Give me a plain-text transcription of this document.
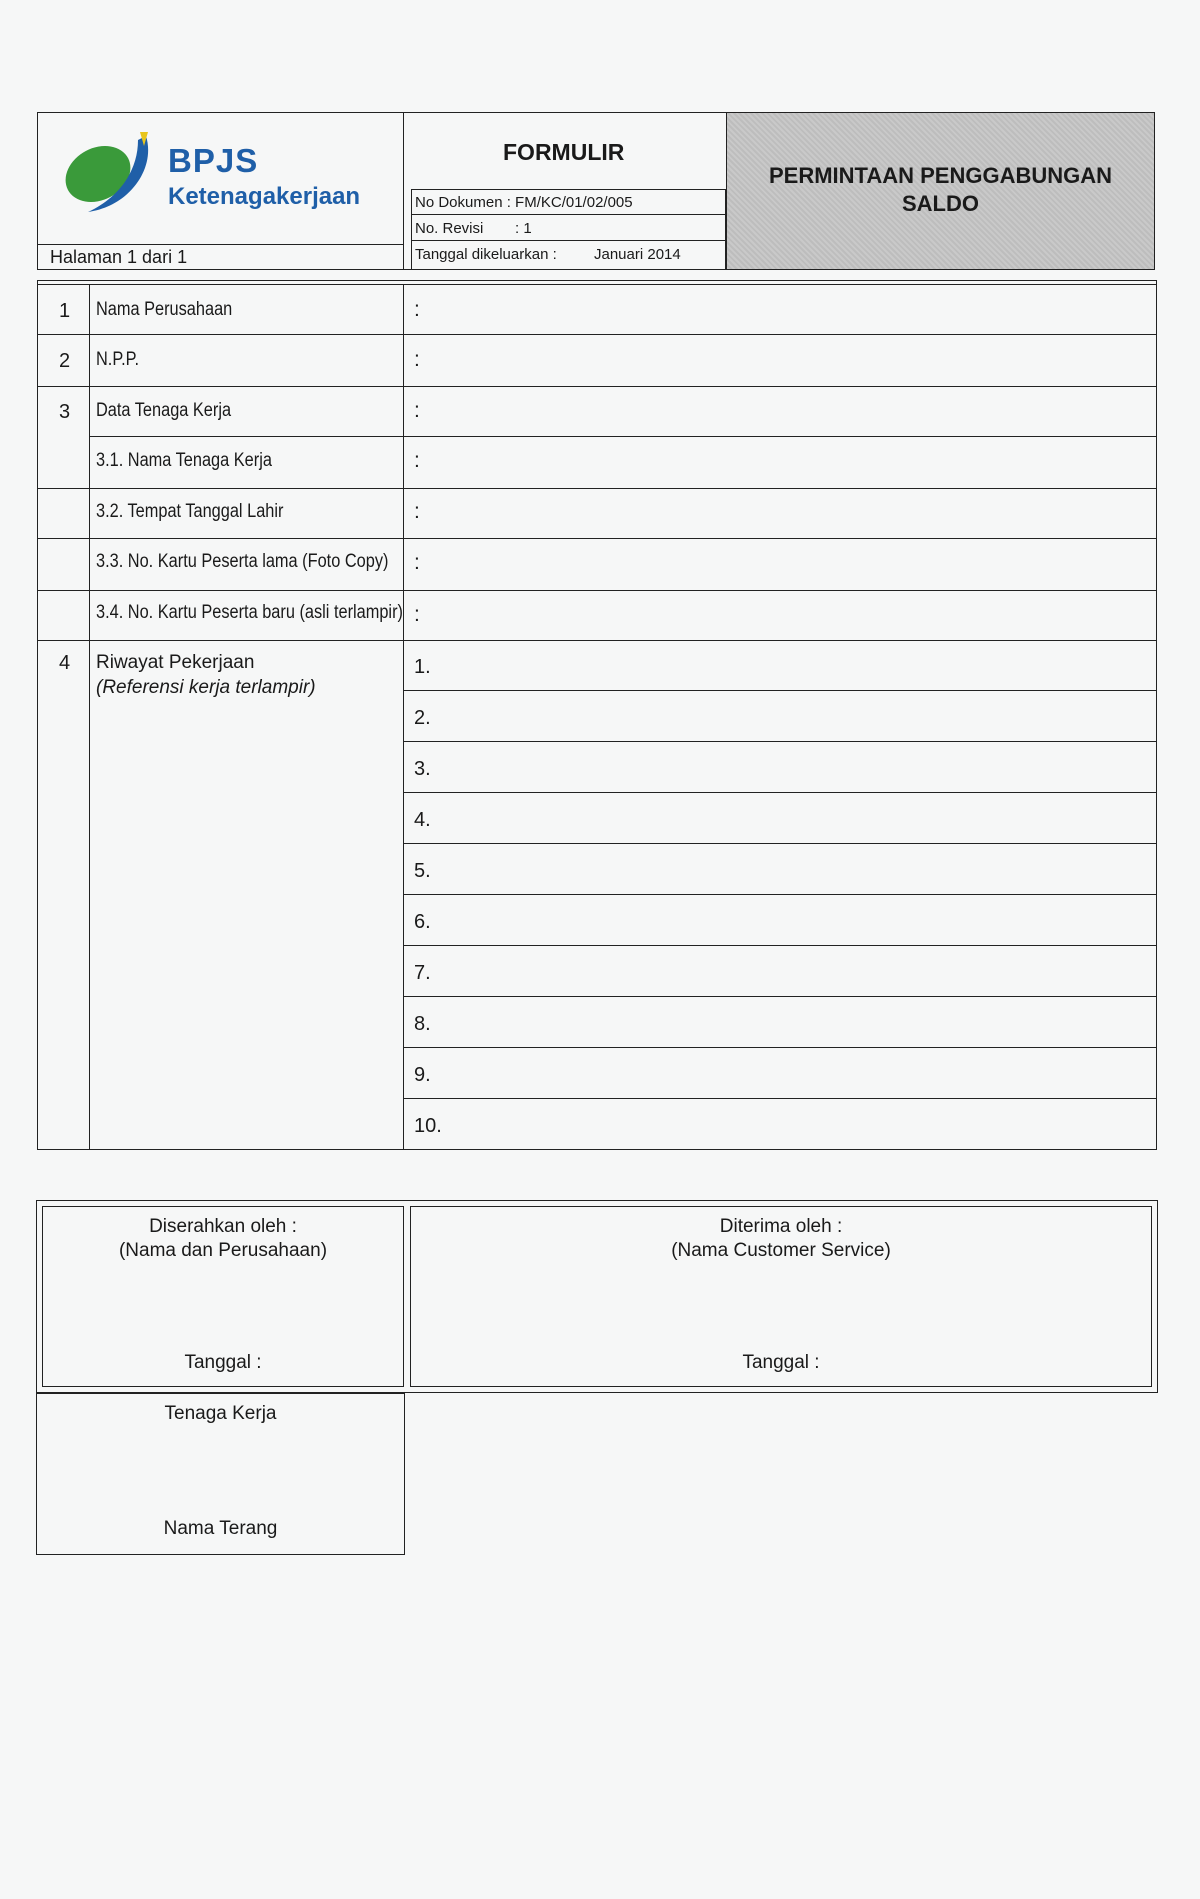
BPJS
Ketenagakerjaan
Halaman 1 dari 1
FORMULIR
No Dokumen : FM/KC/01/02/005
No. Revisi : 1
Tanggal dikeluarkan : Januari 2014
PERMINTAAN PENGGABUNGAN
SALDO
1 Nama Perusahaan	:
2 N.P.P.	:
3 Data Tenaga Kerja	:
3.1. Nama Tenaga Kerja	:
3.2. Tempat Tanggal Lahir	:
3.3. No. Kartu Peserta lama (Foto Copy) :
3.4. No. Kartu Peserta baru (asli terlampir) :
4 Riwayat Pekerjaan
(Referensi kerja terlampir)
1.
2.
3.
4.
5.
6.
7.
8.
9.
10.
Diserahkan oleh :
(Nama dan Perusahaan)
Tanggal :
Diterima oleh :
(Nama Customer Service)
Tanggal :
Tenaga Kerja
Nama Terang
